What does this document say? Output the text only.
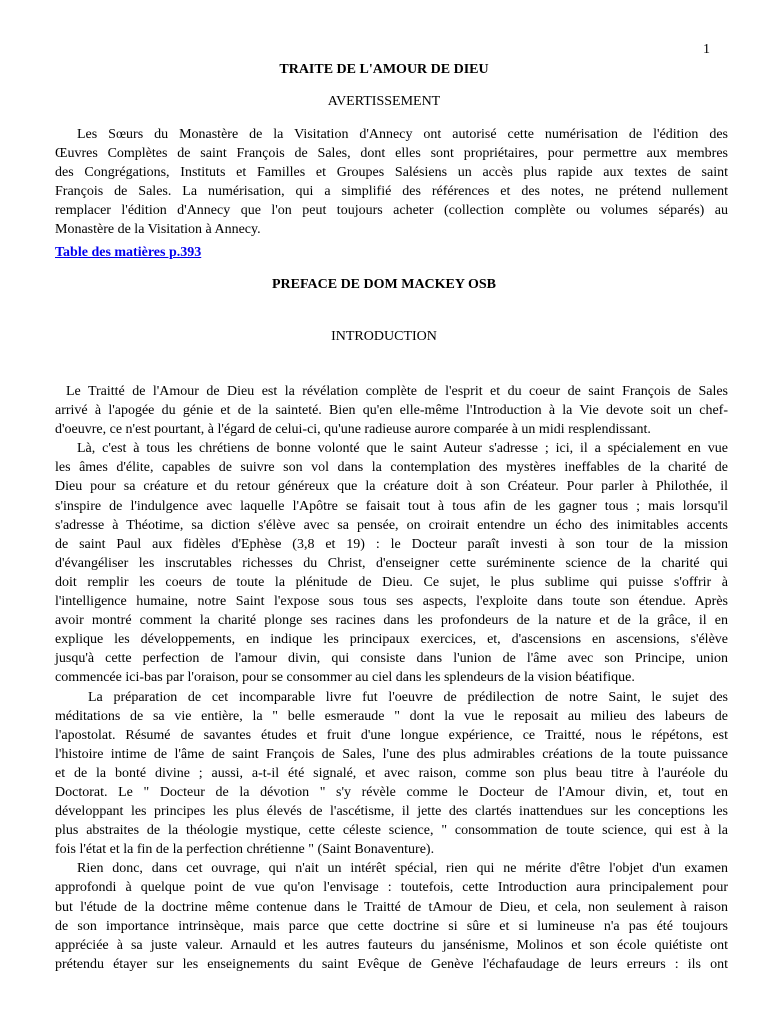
1
TRAITE DE L'AMOUR DE DIEU
AVERTISSEMENT
Les Sœurs du Monastère de la Visitation d'Annecy ont autorisé cette numérisation de l'édition des
Œuvres Complètes de saint François de Sales, dont elles sont propriétaires, pour permettre aux membres
des Congrégations, Instituts et Familles et Groupes Salésiens un accès plus rapide aux textes de saint
François de Sales. La numérisation, qui a simplifié des références et des notes, ne prétend nullement
remplacer l'édition d'Annecy que l'on peut toujours acheter (collection complète ou volumes séparés) au
Monastère de la Visitation à Annecy.
Table des matières p.393
PREFACE DE DOM MACKEY OSB
INTRODUCTION
Le Traitté de l'Amour de Dieu est la révélation complète de l'esprit et du coeur de saint François de Sales
arrivé à l'apogée du génie et de la sainteté. Bien qu'en elle-même l'Introduction à la Vie devote soit un chef-
d'oeuvre, ce n'est pourtant, à l'égard de celui-ci, qu'une radieuse aurore comparée à un midi resplendissant.
Là, c'est à tous les chrétiens de bonne volonté que le saint Auteur s'adresse ; ici, il a spécialement en vue
les âmes d'élite, capables de suivre son vol dans la contemplation des mystères ineffables de la charité de
Dieu pour sa créature et du retour généreux que la créature doit à son Créateur. Pour parler à Philothée, il
s'inspire de l'indulgence avec laquelle l'Apôtre se faisait tout à tous afin de les gagner tous ; mais lorsqu'il
s'adresse à Théotime, sa diction s'élève avec sa pensée, on croirait entendre un écho des inimitables accents
de saint Paul aux fidèles d'Ephèse (3,8 et 19) : le Docteur paraît investi à son tour de la mission
d'évangéliser les inscrutables richesses du Christ, d'enseigner cette suréminente science de la charité qui
doit remplir les coeurs de toute la plénitude de Dieu. Ce sujet, le plus sublime qui puisse s'offrir à
l'intelligence humaine, notre Saint l'expose sous tous ses aspects, l'exploite dans toute son étendue. Après
avoir montré comment la charité plonge ses racines dans les profondeurs de la nature et de la grâce, il en
explique les développements, en indique les principaux exercices, et, d'ascensions en ascensions, s'élève
jusqu'à cette perfection de l'amour divin, qui consiste dans l'union de l'âme avec son Principe, union
commencée ici-bas par l'oraison, pour se consommer au ciel dans les splendeurs de la vision béatifique.
La préparation de cet incomparable livre fut l'oeuvre de prédilection de notre Saint, le sujet des
méditations de sa vie entière, la " belle esmeraude " dont la vue le reposait au milieu des labeurs de
l'apostolat. Résumé de savantes études et fruit d'une longue expérience, ce Traitté, nous le répétons, est
l'histoire intime de l'âme de saint François de Sales, l'une des plus admirables créations de la toute puissance
et de la bonté divine ; aussi, a-t-il été signalé, et avec raison, comme son plus beau titre à l'auréole du
Doctorat. Le " Docteur de la dévotion " s'y révèle comme le Docteur de l'Amour divin, et, tout en
développant les principes les plus élevés de l'ascétisme, il jette des clartés inattendues sur les conceptions les
plus abstraites de la théologie mystique, cette céleste science, " consommation de toute science, qui est à la
fois l'état et la fin de la perfection chrétienne " (Saint Bonaventure).
Rien donc, dans cet ouvrage, qui n'ait un intérêt spécial, rien qui ne mérite d'être l'objet d'un examen
approfondi à quelque point de vue qu'on l'envisage : toutefois, cette Introduction aura principalement pour
but l'étude de la doctrine même contenue dans le Traitté de tAmour de Dieu, et cela, non seulement à raison
de son importance intrinsèque, mais parce que cette doctrine si sûre et si lumineuse n'a pas été toujours
appréciée à sa juste valeur. Arnauld et les autres fauteurs du jansénisme, Molinos et son école quiétiste ont
prétendu étayer sur les enseignements du saint Evêque de Genève l'échafaudage de leurs erreurs : ils ont
